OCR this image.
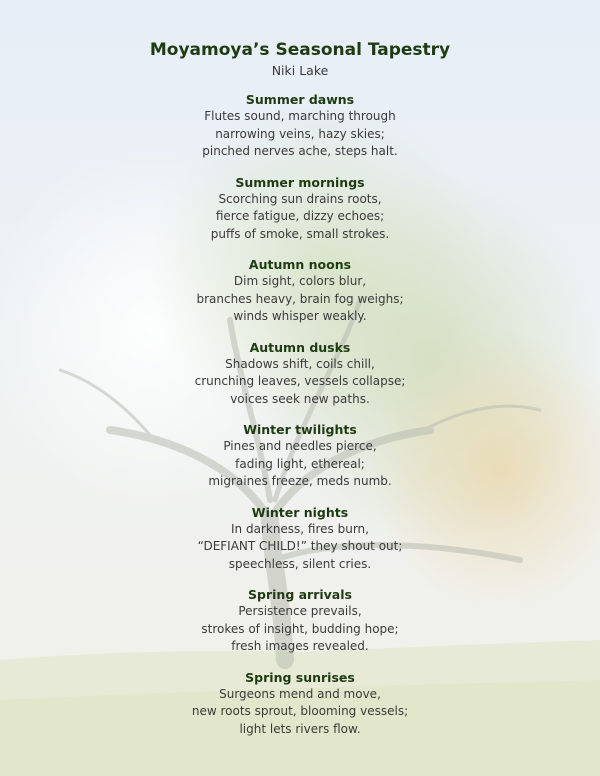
Moyamoya’s Seasonal Tapestry
Niki Lake
Summer dawns
Flutes sound, marching through
narrowing veins, hazy skies;
pinched nerves ache, steps halt.
Summer mornings
Scorching sun drains roots,
fierce fatigue, dizzy echoes;
puffs of smoke, small strokes.
Autumn noons
Dim sight, colors blur,
branches heavy, brain fog weighs;
winds whisper weakly.
Autumn dusks
Shadows shift, coils chill,
crunching leaves, vessels collapse;
voices seek new paths.
Winter twilights
Pines and needles pierce,
fading light, ethereal;
migraines freeze, meds numb.
Winter nights
In darkness, fires burn,
“DEFIANT CHILD!” they shout out;
speechless, silent cries.
Spring arrivals
Persistence prevails,
strokes of insight, budding hope;
fresh images revealed.
Spring sunrises
Surgeons mend and move,
new roots sprout, blooming vessels;
light lets rivers flow.
